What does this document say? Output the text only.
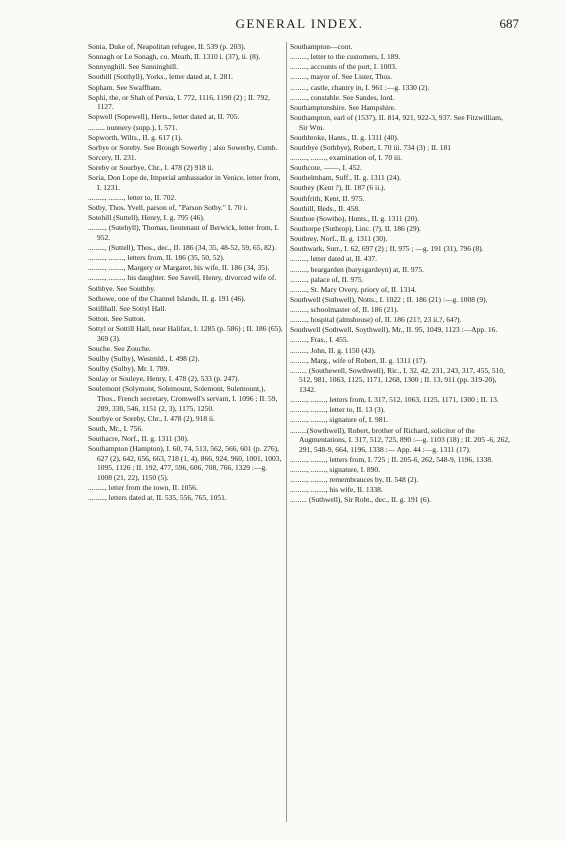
GENERAL INDEX.	687
Sonia, Duke of, Neapolitan refugee, II. 539 (p. 203).
Sonnagh or Le Sonagh, co. Meath, II. 1310 i. (37), ii. (8).
Sonnynghill. See Sunninghill.
Soothill (Sotthyll), Yorks., letter dated at, I. 281.
Sopham. See Swaffham.
Sophi, the, or Shah of Persia, I. 772, 1116, 1190 (2) ; II. 792, 1127.
Sopwell (Sopewell), Herts., letter dated at, II. 705.
......... nunnery (supp.), I. 571.
Sopworth, Wilts., II. g. 617 (1).
Sorbye or Soreby. See Brough Sowerby ; also Sowerby, Cumb.
Sorcery, II. 231.
Soreby or Sourbye, Chr., I. 478 (2) 918 ii.
Soria, Don Lope de, Imperial ambassador in Venice, letter from, I. 1231.
........., ........, letter to, II. 702.
Sotby, Thos. Yvell, parson of, "Parson Sotby." I. 70 i.
Sotehill (Suttell), Henry, I. g. 795 (46).
........., (Sutehyll), Thomas, lieutenant of Berwick, letter from, I. 952.
........., (Suttell), Thos., dec., II. 186 (34, 35, 48-52, 59, 65, 82).
........., ........, letters from, II. 186 (35, 50, 52).
........., ........, Margery or Margaret, his wife, II. 186 (34, 35).
........., ........, his daughter. See Savell, Henry, divorced wife of.
Sothbye. See Southby.
Sothowe, one of the Channel Islands, II. g. 191 (46).
Sotillhall. See Sottyl Hall.
Sotton. See Sutton.
Sottyl or Sottill Hall, near Halifax, I. 1285 (p. 586) ; II. 186 (65), 369 (3).
Souche. See Zouche.
Soulby (Sulby), Westmld., I. 498 (2).
Soulby (Sulby), Mr. I. 789.
Soulay or Souleye, Henry, I. 478 (2), 533 (p. 247).
Soulemont (Solymont, Solemount, Solemont, Sulemount,), Thos., French secretary, Cromwell's servant, I. 1096 ; II. 59, 289, 330, 546, 1151 (2, 3), 1175, 1250.
Sourbye or Soreby, Chr., I. 478 (2), 918 ii.
South, Mr., I. 756.
Southacre, Norf., II. g. 1311 (30).
Southampton (Hampton), I. 60, 74, 513, 562, 566, 601 (p. 276), 627 (2), 642, 656, 663, 718 (1, 4), 866, 924, 960, 1001, 1003, 1095, 1126 ; II. 192, 477, 596, 606, 708, 766, 1329 :—g. 1008 (21, 22), 1150 (5).
........., letter from the town, II. 1056.
........., letters dated at, II. 535, 556, 765, 1051.
Southampton—cont.
........., letter to the customers, I. 189.
........., accounts of the port, I. 1003.
........., mayor of. See Lister, Thos.
........., castle, chantry in, I. 961 :—g. 1330 (2).
........., constable. See Sandes, lord.
Southamptonshire. See Hampshire.
Southampton, earl of (1537), II. 814, 921, 922-3, 937. See Fitzwilliam, Sir Wm.
Southbroke, Hants., II. g. 1311 (40).
Southbye (Sothbye), Robert, I. 70 iii. 734 (3) ; II. 181
........., ........, examination of, I. 70 iii.
Southcote, ——, I. 452.
Southelmham, Suff., II. g. 1311 (24).
Southey (Kent ?), II. 187 (6 ii.).
Southfrith, Kent, II. 975.
Southill, Beds., II. 458.
Southoe (Sowtho), Hunts., II. g. 1311 (20).
Southorpe (Suthrop), Linc. (?), II. 186 (29).
Southrey, Norf., II. g. 1311 (30).
Southwark, Surr., I. 62, 697 (2) ; II. 975 ; —g. 191 (31), 796 (8).
........., letter dated at, II. 437.
........., beargarden (barysgardeyn) at, II. 975.
........., palace of, II. 975.
........., St. Mary Overy, priory of, II. 1314.
Southwell (Suthwell), Notts., I. 1022 ; II. 186 (21) :—g. 1008 (9).
........., schoolmaster of, II. 186 (21).
........., hospital (almshouse) of, II. 186 (21?, 23 ii.?, 64?).
Southwell (Sothwell, Soythwell), Mr., II. 95, 1049, 1123 :—App. 16.
........., Fras., I. 455.
........., John, II. g. 1150 (43).
........., Marg., wife of Robert, II. g. 1311 (17).
......... (Southewell, Sowthwell), Ric., I. 32, 42, 231, 243, 317, 455, 510, 512, 981, 1063, 1125, 1171, 1268, 1300 ; II. 13, 911 (pp. 319-20), 1342.
........., ........, letters from, I. 317, 512, 1063, 1125, 1171, 1300 ; II. 13.
........., ........, letter to, II. 13 (3).
........., ........, signature of, I. 981.
.........(Sowthwell), Robert, brother of Richard, solicitor of the Augmentations, I. 317, 512, 725, 890 :—g. 1103 (18) ; II. 205 -6, 262, 291, 548-9, 664, 1196, 1338 :— App. 44 :—g. 1311 (17).
........., ........, letters from, I. 725 ; II. 205-6, 262, 548-9, 1196, 1338.
........., ........, signature, I. 890.
........., ........, remembrances by, II. 548 (2).
........., ........, his wife, II. 1338.
......... (Suthwell), Sir Robt., dec., II. g. 191 (6).
